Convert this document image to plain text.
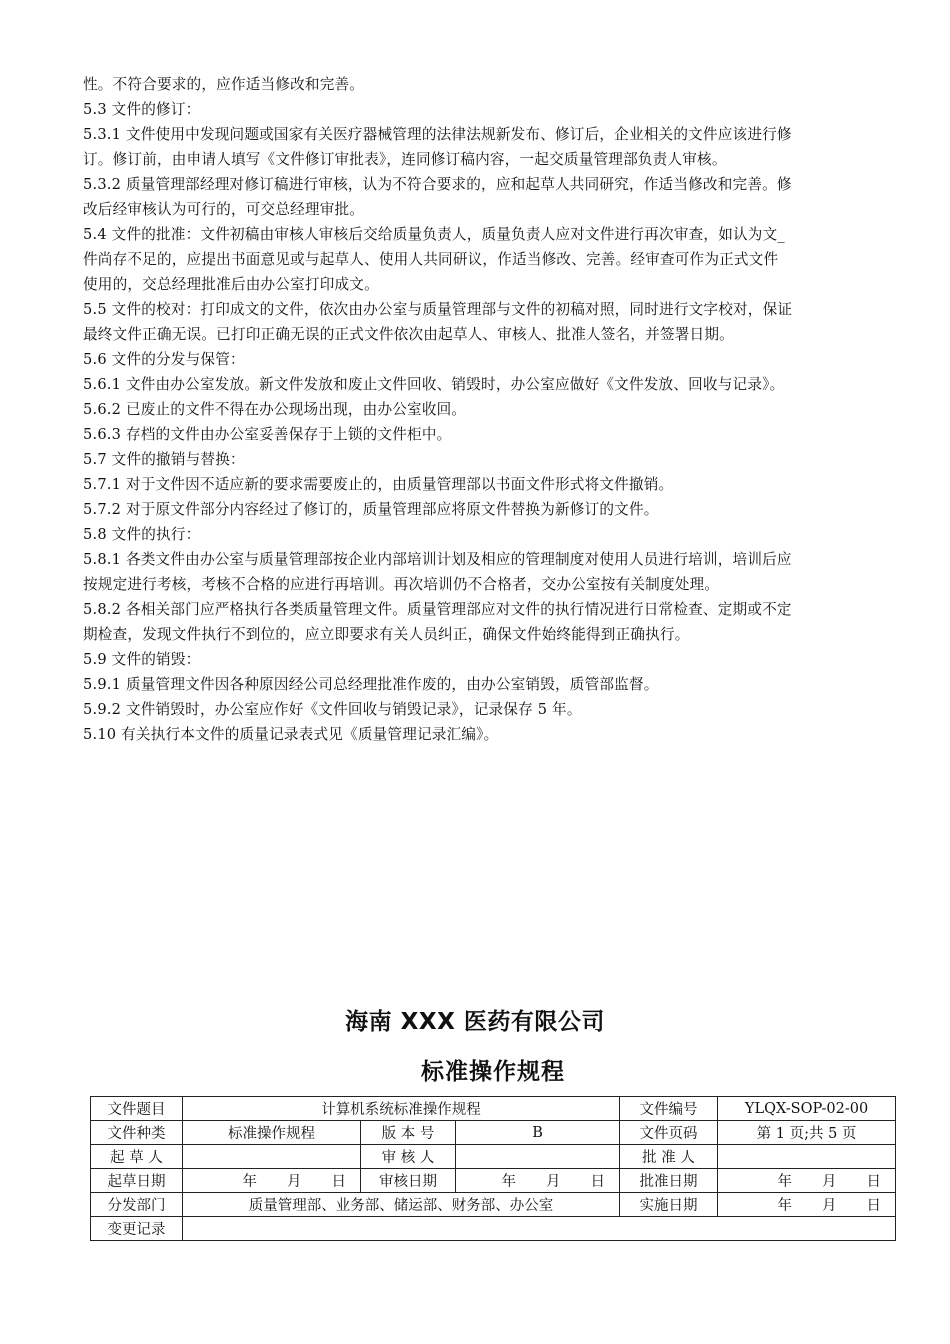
性。不符合要求的，应作适当修改和完善。
5.3 文件的修订：
5.3.1 文件使用中发现问题或国家有关医疗器械管理的法律法规新发布、修订后，企业相关的文件应该进行修
订。修订前，由申请人填写《文件修订审批表》，连同修订稿内容，一起交质量管理部负责人审核。
5.3.2 质量管理部经理对修订稿进行审核，认为不符合要求的，应和起草人共同研究，作适当修改和完善。修
改后经审核认为可行的，可交总经理审批。
5.4 文件的批准：文件初稿由审核人审核后交给质量负责人，质量负责人应对文件进行再次审查，如认为文_
件尚存不足的，应提出书面意见或与起草人、使用人共同研议，作适当修改、完善。经审查可作为正式文件
使用的，交总经理批准后由办公室打印成文。
5.5 文件的校对：打印成文的文件，依次由办公室与质量管理部与文件的初稿对照，同时进行文字校对，保证
最终文件正确无误。已打印正确无误的正式文件依次由起草人、审核人、批准人签名，并签署日期。
5.6 文件的分发与保管：
5.6.1 文件由办公室发放。新文件发放和废止文件回收、销毁时，办公室应做好《文件发放、回收与记录》。
5.6.2 已废止的文件不得在办公现场出现，由办公室收回。
5.6.3 存档的文件由办公室妥善保存于上锁的文件柜中。
5.7 文件的撤销与替换：
5.7.1 对于文件因不适应新的要求需要废止的，由质量管理部以书面文件形式将文件撤销。
5.7.2 对于原文件部分内容经过了修订的，质量管理部应将原文件替换为新修订的文件。
5.8 文件的执行：
5.8.1 各类文件由办公室与质量管理部按企业内部培训计划及相应的管理制度对使用人员进行培训，培训后应
按规定进行考核，考核不合格的应进行再培训。再次培训仍不合格者，交办公室按有关制度处理。
5.8.2 各相关部门应严格执行各类质量管理文件。质量管理部应对文件的执行情况进行日常检查、定期或不定
期检查，发现文件执行不到位的，应立即要求有关人员纠正，确保文件始终能得到正确执行。
5.9 文件的销毁：
5.9.1 质量管理文件因各种原因经公司总经理批准作废的，由办公室销毁，质管部监督。
5.9.2 文件销毁时，办公室应作好《文件回收与销毁记录》，记录保存 5 年。
5.10 有关执行本文件的质量记录表式见《质量管理记录汇编》。
海南 XXX 医药有限公司
标准操作规程
文件题目	计算机系统标准操作规程			文件编号	YLQX-SOP-02-00
文件种类	标准操作规程	版 本 号	B	文件页码	第 1 页;共 5 页
起 草 人		审 核 人		批 准 人	
起草日期	年 月 日	审核日期	年 月 日	批准日期	年 月 日

分发部门	质量管理部、业务部、储运部、财务部、办公室			实施日期	年 月 日

变更记录					
